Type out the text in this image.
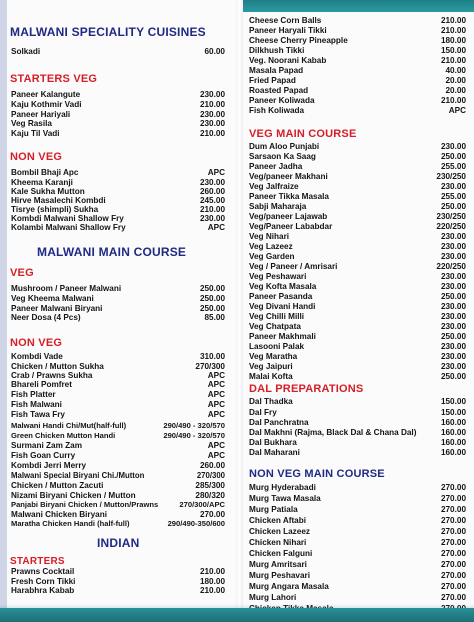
MALWANI SPECIALITY CUISINES
Solkadi	60.00
STARTERS VEG
Paneer Kalangute	230.00
Kaju Kothmir Vadi	210.00
Paneer Hariyali	230.00
Veg Rasila	230.00
Kaju Til Vadi	210.00
NON VEG
Bombil Bhaji Apc	APC
Kheema Karanji	230.00
Kale Sukha Mutton	260.00
Hirve Masalechi Kombdi	245.00
Tisrye (shimpli) Sukha	210.00
Kombdi Malwani Shallow Fry	230.00
Kolambi Malwani Shallow Fry	APC
MALWANI MAIN COURSE
VEG
Mushroom / Paneer Malwani	250.00
Veg Kheema Malwani	250.00
Paneer Malwani Biryani	250.00
Neer Dosa (4 Pcs)	85.00
NON VEG
Kombdi Vade	310.00
Chicken / Mutton Sukha	270/300
Crab / Prawns Sukha	APC
Bhareli Pomfret	APC
Fish Platter	APC
Fish Malwani	APC
Fish Tawa Fry	APC
Malwani Handi Chi/Mut(half-full)	290/490 - 320/570
Green Chicken Mutton Handi	290/490 - 320/570
Surmani Zam Zam	APC
Fish Goan Curry	APC
Kombdi Jerri Merry	260.00
Malwani Special Biryani Chi./Mutton	270/300
Chicken / Mutton Zacuti	285/300
Nizami Biryani Chicken / Mutton	280/320
Panjabi Biryani Chicken / Mutton/Prawns	270/300/APC
Malwani Chicken Biryani	270.00
Maratha Chicken Handi (half-full)	290/490-350/600
INDIAN
STARTERS
Prawns Cocktail	210.00
Fresh Corn Tikki	180.00
Harabhra Kabab	210.00
Cheese Corn Balls	210.00
Paneer Haryali Tikki	210.00
Cheese Cherry Pineapple	180.00
Dilkhush Tikki	150.00
Veg. Noorani Kabab	210.00
Masala Papad	40.00
Fried Papad	20.00
Roasted Papad	20.00
Paneer Koliwada	210.00
Fish Koliwada	APC
VEG MAIN COURSE
Dum Aloo Punjabi	230.00
Sarsaon Ka Saag	250.00
Paneer Jadha	255.00
Veg/paneer Makhani	230/250
Veg Jalfraize	230.00
Paneer Tikka Masala	255.00
Sabji Maharaja	250.00
Veg/paneer Lajawab	230/250
Veg/Paneer Lababdar	220/250
Veg Nihari	230.00
Veg Lazeez	230.00
Veg Garden	230.00
Veg / Paneer / Amrisari	220/250
Veg Peshawari	230.00
Veg Kofta Masala	230.00
Paneer Pasanda	250.00
Veg Divani Handi	230.00
Veg Chilli Milli	230.00
Veg Chatpata	230.00
Paneer Makhmali	250.00
Lasooni Palak	230.00
Veg Maratha	230.00
Veg Jaipuri	230.00
Malai Kofta	250.00
DAL PREPARATIONS
Dal Thadka	150.00
Dal Fry	150.00
Dal Panchratna	160.00
Dal Makhni (Rajma, Black Dal & Chana Dal)	160.00
Dal Bukhara	160.00
Dal Maharani	160.00
NON VEG MAIN COURSE
Murg Hyderabadi	270.00
Murg Tawa Masala	270.00
Murg Patiala	270.00
Chicken Aftabi	270.00
Chicken Lazeez	270.00
Chicken Nihari	270.00
Chicken Falguni	270.00
Murg Amritsari	270.00
Murg Peshavari	270.00
Murg Angara Masala	270.00
Murg Lahori	270.00
